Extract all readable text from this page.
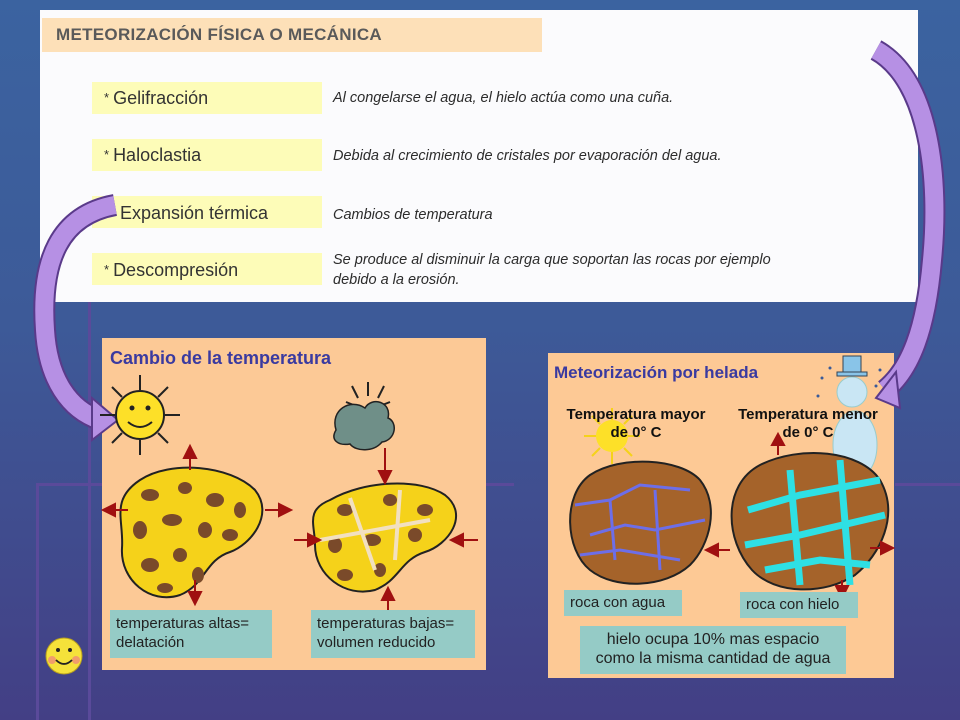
METEORIZACIÓN FÍSICA O MECÁNICA
* Gelifracción
* Haloclastia
Expansión térmica
* Descompresión
Al congelarse el agua, el hielo actúa como una cuña.
Debida al crecimiento de cristales por evaporación del agua.
Cambios de temperatura
Se produce al disminuir la carga que soportan las rocas por ejemplo
debido a la erosión.
Cambio de la temperatura
Meteorización por helada
temperaturas altas=
delatación
temperaturas bajas=
volumen reducido
Temperatura mayor
de 0° C
Temperatura menor
de 0° C
roca con agua	roca con hielo
hielo ocupa 10% mas espacio
como la misma cantidad de agua
